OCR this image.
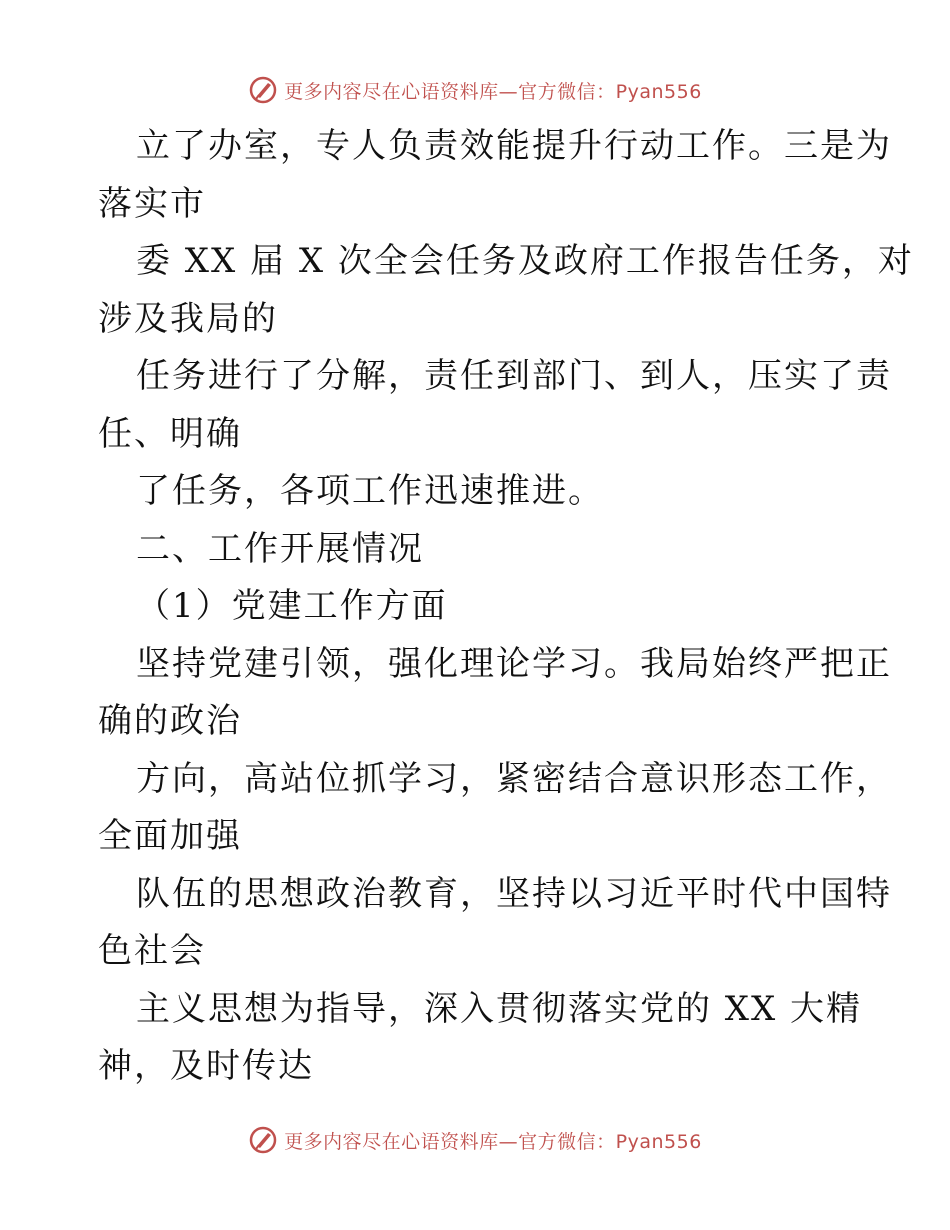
更多内容尽在心语资料库—官方微信：Pyan556
立了办室，专人负责效能提升行动工作。三是为
落实市
委 XX 届 X 次全会任务及政府工作报告任务，对
涉及我局的
任务进行了分解，责任到部门、到人，压实了责
任、明确
了任务，各项工作迅速推进。
二、工作开展情况
（1）党建工作方面
坚持党建引领，强化理论学习。我局始终严把正
确的政治
方向，高站位抓学习，紧密结合意识形态工作，
全面加强
队伍的思想政治教育，坚持以习近平时代中国特
色社会
主义思想为指导，深入贯彻落实党的 XX 大精
神，及时传达
更多内容尽在心语资料库—官方微信：Pyan556
